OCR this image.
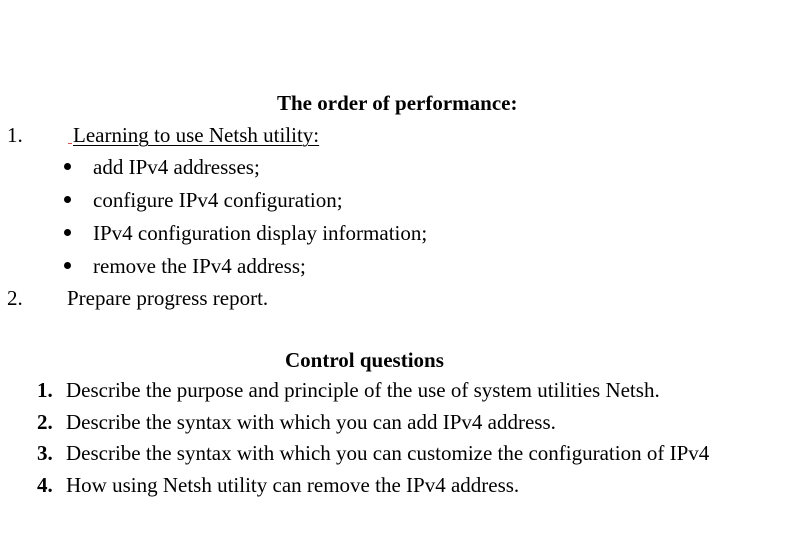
The order of performance:
1. Learning to use Netsh utility:
add IPv4 addresses;
configure IPv4 configuration;
IPv4 configuration display information;
remove the IPv4 address;
2. Prepare progress report.
Control questions
1. Describe the purpose and principle of the use of system utilities Netsh.
2. Describe the syntax with which you can add IPv4 address.
3. Describe the syntax with which you can customize the configuration of IPv4
4. How using Netsh utility can remove the IPv4 address.
